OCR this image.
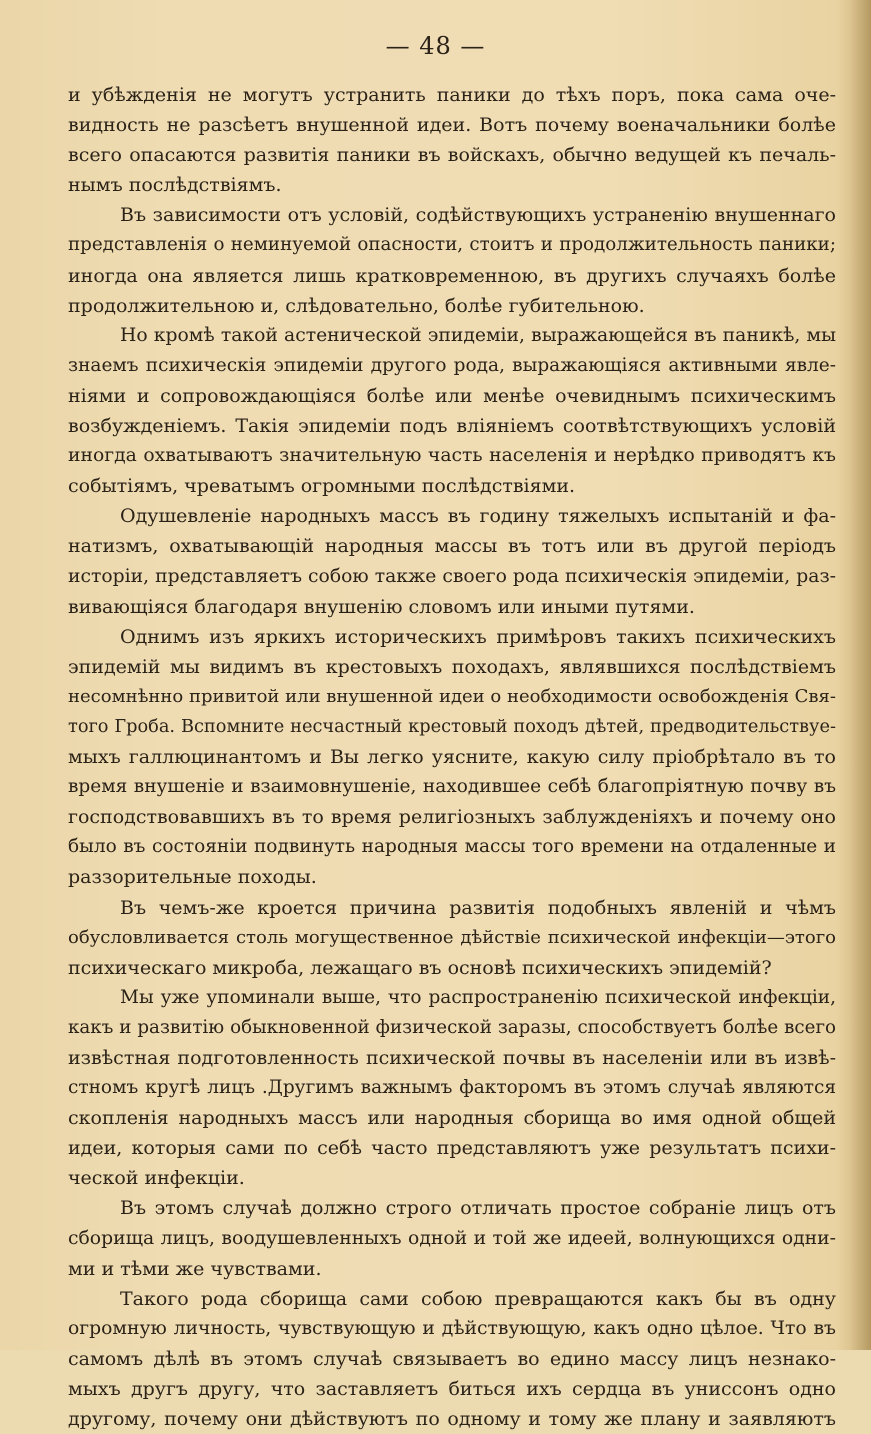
— 48 —
и убѣжденія не могутъ устранить паники до тѣхъ поръ, пока сама оче-
видность не разсѣетъ внушенной идеи. Вотъ почему военачальники болѣе
всего опасаются развитія паники въ войскахъ, обычно ведущей къ печаль-
нымъ послѣдствіямъ.
Въ зависимости отъ условій, содѣйствующихъ устраненію внушеннаго
представленія о неминуемой опасности, стоитъ и продолжительность паники;
иногда она является лишь кратковременною, въ другихъ случаяхъ болѣе
продолжительною и, слѣдовательно, болѣе губительною.
Но кромѣ такой астенической эпидеміи, выражающейся въ паникѣ, мы
знаемъ психическія эпидеміи другого рода, выражающіяся активными явле-
ніями и сопровождающіяся болѣе или менѣе очевиднымъ психическимъ
возбужденіемъ. Такія эпидеміи подъ вліяніемъ соотвѣтствующихъ условій
иногда охватываютъ значительную часть населенія и нерѣдко приводятъ къ
событіямъ, чреватымъ огромными послѣдствіями.
Одушевленіе народныхъ массъ въ годину тяжелыхъ испытаній и фа-
натизмъ, охватывающій народныя массы въ тотъ или въ другой періодъ
исторіи, представляетъ собою также своего рода психическія эпидеміи, раз-
вивающіяся благодаря внушенію словомъ или иными путями.
Однимъ изъ яркихъ историческихъ примѣровъ такихъ психическихъ
эпидемій мы видимъ въ крестовыхъ походахъ, являвшихся послѣдствіемъ
несомнѣнно привитой или внушенной идеи о необходимости освобожденія Свя-
того Гроба. Вспомните несчастный крестовый походъ дѣтей, предводительствуе-
мыхъ галлюцинантомъ и Вы легко уясните, какую силу пріобрѣтало въ то
время внушеніе и взаимовнушеніе, находившее себѣ благопріятную почву въ
господствовавшихъ въ то время религіозныхъ заблужденіяхъ и почему оно
было въ состояніи подвинуть народныя массы того времени на отдаленные и
раззорительные походы.
Въ чемъ-же кроется причина развитія подобныхъ явленій и чѣмъ
обусловливается столь могущественное дѣйствіе психической инфекціи—этого
психическаго микроба, лежащаго въ основѣ психическихъ эпидемій?
Мы уже упоминали выше, что распространенію психической инфекціи,
какъ и развитію обыкновенной физической заразы, способствуетъ болѣе всего
извѣстная подготовленность психической почвы въ населеніи или въ извѣ-
стномъ кругѣ лицъ .Другимъ важнымъ факторомъ въ этомъ случаѣ являются
скопленія народныхъ массъ или народныя сборища во имя одной общей
идеи, которыя сами по себѣ часто представляютъ уже результатъ психи-
ческой инфекціи.
Въ этомъ случаѣ должно строго отличать простое собраніе лицъ отъ
сборища лицъ, воодушевленныхъ одной и той же идеей, волнующихся одни-
ми и тѣми же чувствами.
Такого рода сборища сами собою превращаются какъ бы въ одну
огромную личность, чувствующую и дѣйствующую, какъ одно цѣлое. Что въ
самомъ дѣлѣ въ этомъ случаѣ связываетъ во едино массу лицъ незнако-
мыхъ другъ другу, что заставляетъ биться ихъ сердца въ униссонъ одно
другому, почему они дѣйствуютъ по одному и тому же плану и заявляютъ
